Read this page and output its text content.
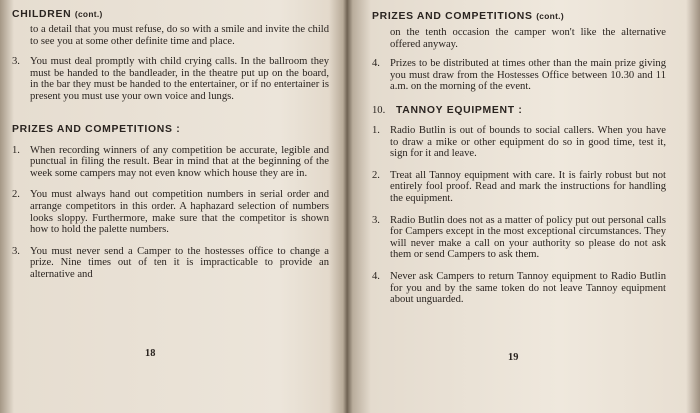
CHILDREN (cont.)

to a detail that you must refuse, do so with a smile and invite the child to see you at some other definite time and place.

3. You must deal promptly with child crying calls. In the ballroom they must be handed to the bandleader, in the theatre put up on the board, in the bar they must be handed to the entertainer, or if no entertainer is present you must use your own voice and lungs.

PRIZES AND COMPETITIONS :

1. When recording winners of any competition be accurate, legible and punctual in filing the result. Bear in mind that at the beginning of the week some campers may not even know which house they are in.

2. You must always hand out competition numbers in serial order and arrange competitors in this order. A haphazard selection of numbers looks sloppy. Furthermore, make sure that the competitor is shown how to hold the palette numbers.

3. You must never send a Camper to the hostesses office to change a prize. Nine times out of ten it is impracticable to provide an alternative and

18

PRIZES AND COMPETITIONS (cont.)

on the tenth occasion the camper won't like the alternative offered anyway.

4. Prizes to be distributed at times other than the main prize giving you must draw from the Hostesses Office between 10.30 and 11 a.m. on the morning of the event.

10.	TANNOY EQUIPMENT :

1. Radio Butlin is out of bounds to social callers. When you have to draw a mike or other equipment do so in good time, test it, sign for it and leave.

2. Treat all Tannoy equipment with care. It is fairly robust but not entirely fool proof. Read and mark the instructions for handling the equipment.

3. Radio Butlin does not as a matter of policy put out personal calls for Campers except in the most exceptional circumstances. They will never make a call on your authority so please do not ask them or send Campers to ask them.

4. Never ask Campers to return Tannoy equipment to Radio Butlin for you and by the same token do not leave Tannoy equipment about unguarded.

19
